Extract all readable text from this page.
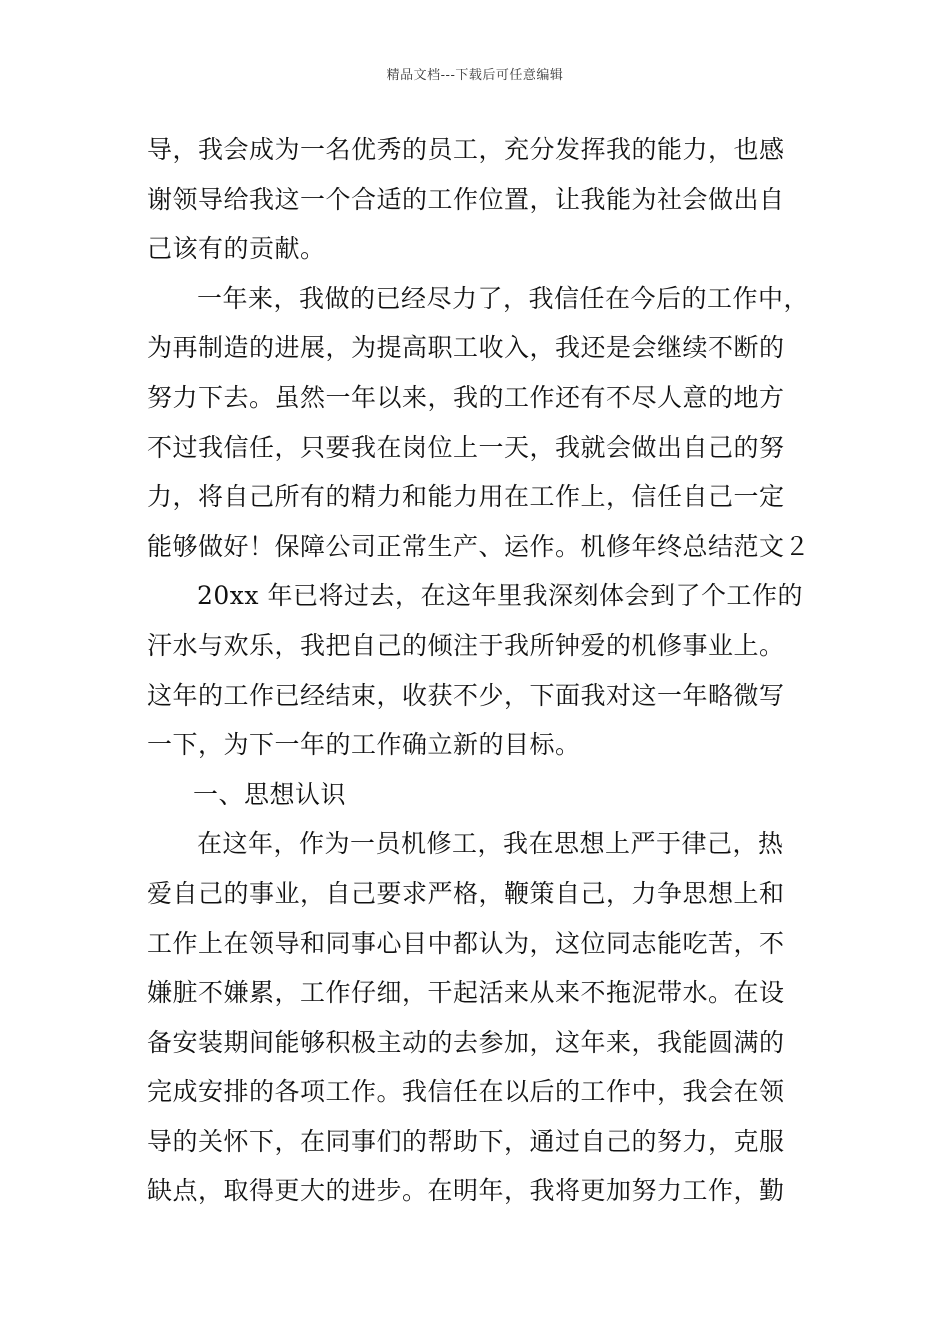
精品文档---下载后可任意编辑
导，我会成为一名优秀的员工，充分发挥我的能力，也感
谢领导给我这一个合适的工作位置，让我能为社会做出自
己该有的贡献。
一年来，我做的已经尽力了，我信任在今后的工作中，
为再制造的进展，为提高职工收入，我还是会继续不断的
努力下去。虽然一年以来，我的工作还有不尽人意的地方
不过我信任，只要我在岗位上一天，我就会做出自己的努
力，将自己所有的精力和能力用在工作上，信任自己一定
能够做好！保障公司正常生产、运作。机修年终总结范文２
20xx 年已将过去，在这年里我深刻体会到了个工作的
汗水与欢乐，我把自己的倾注于我所钟爱的机修事业上。
这年的工作已经结束，收获不少，下面我对这一年略微写
一下，为下一年的工作确立新的目标。
一、思想认识
在这年，作为一员机修工，我在思想上严于律己，热
爱自己的事业，自己要求严格，鞭策自己，力争思想上和
工作上在领导和同事心目中都认为，这位同志能吃苦，不
嫌脏不嫌累，工作仔细，干起活来从来不拖泥带水。在设
备安装期间能够积极主动的去参加，这年来，我能圆满的
完成安排的各项工作。我信任在以后的工作中，我会在领
导的关怀下，在同事们的帮助下，通过自己的努力，克服
缺点，取得更大的进步。在明年，我将更加努力工作，勤
